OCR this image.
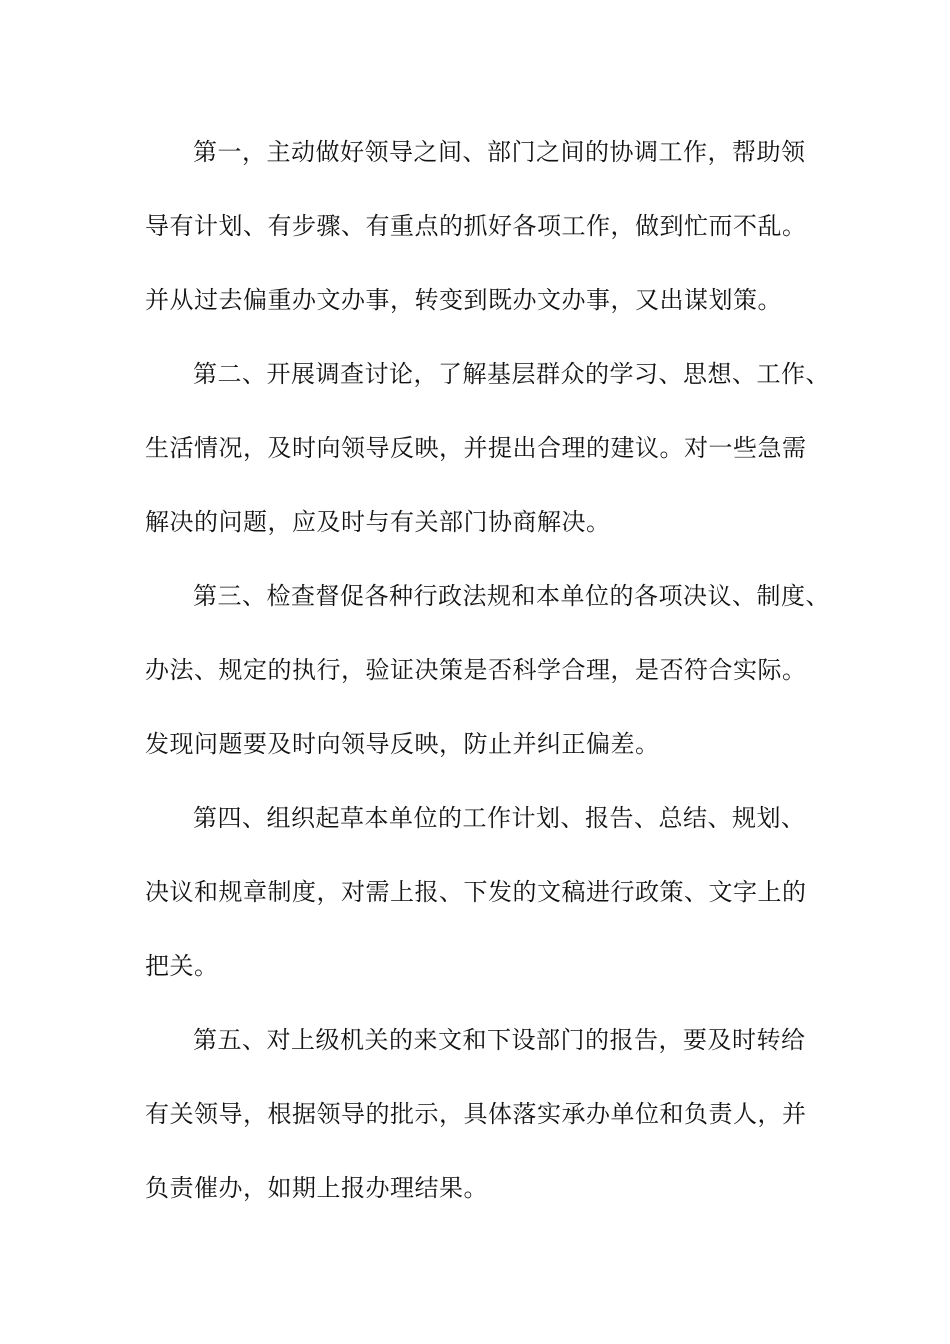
第一，主动做好领导之间、部门之间的协调工作，帮助领
导有计划、有步骤、有重点的抓好各项工作，做到忙而不乱。
并从过去偏重办文办事，转变到既办文办事，又出谋划策。
第二、开展调查讨论，了解基层群众的学习、思想、工作、
生活情况，及时向领导反映，并提出合理的建议。对一些急需
解决的问题，应及时与有关部门协商解决。
第三、检查督促各种行政法规和本单位的各项决议、制度、
办法、规定的执行，验证决策是否科学合理，是否符合实际。
发现问题要及时向领导反映，防止并纠正偏差。
第四、组织起草本单位的工作计划、报告、总结、规划、
决议和规章制度，对需上报、下发的文稿进行政策、文字上的
把关。
第五、对上级机关的来文和下设部门的报告，要及时转给
有关领导，根据领导的批示，具体落实承办单位和负责人，并
负责催办，如期上报办理结果。
